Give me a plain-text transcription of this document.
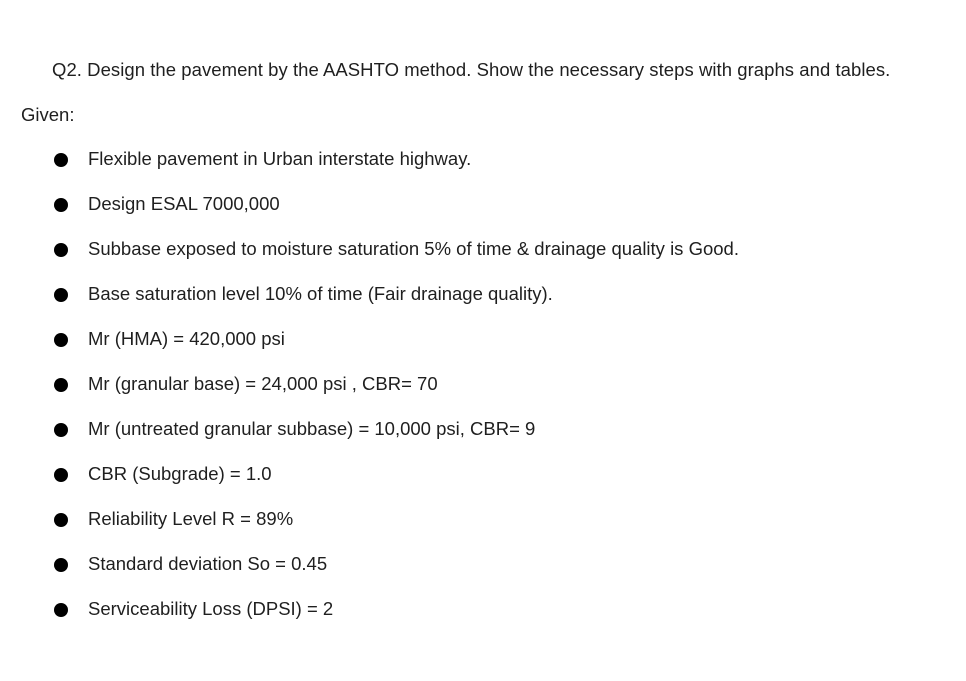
Q2. Design the pavement by the AASHTO method. Show the necessary steps with graphs and tables.
Given:
Flexible pavement in Urban interstate highway.
Design ESAL 7000,000
Subbase exposed to moisture saturation 5% of time & drainage quality is Good.
Base saturation level 10% of time (Fair drainage quality).
Mr (HMA) = 420,000 psi
Mr (granular base) = 24,000 psi , CBR= 70
Mr (untreated granular subbase) = 10,000 psi, CBR= 9
CBR (Subgrade) = 1.0
Reliability Level R = 89%
Standard deviation So = 0.45
Serviceability Loss (DPSI) = 2
